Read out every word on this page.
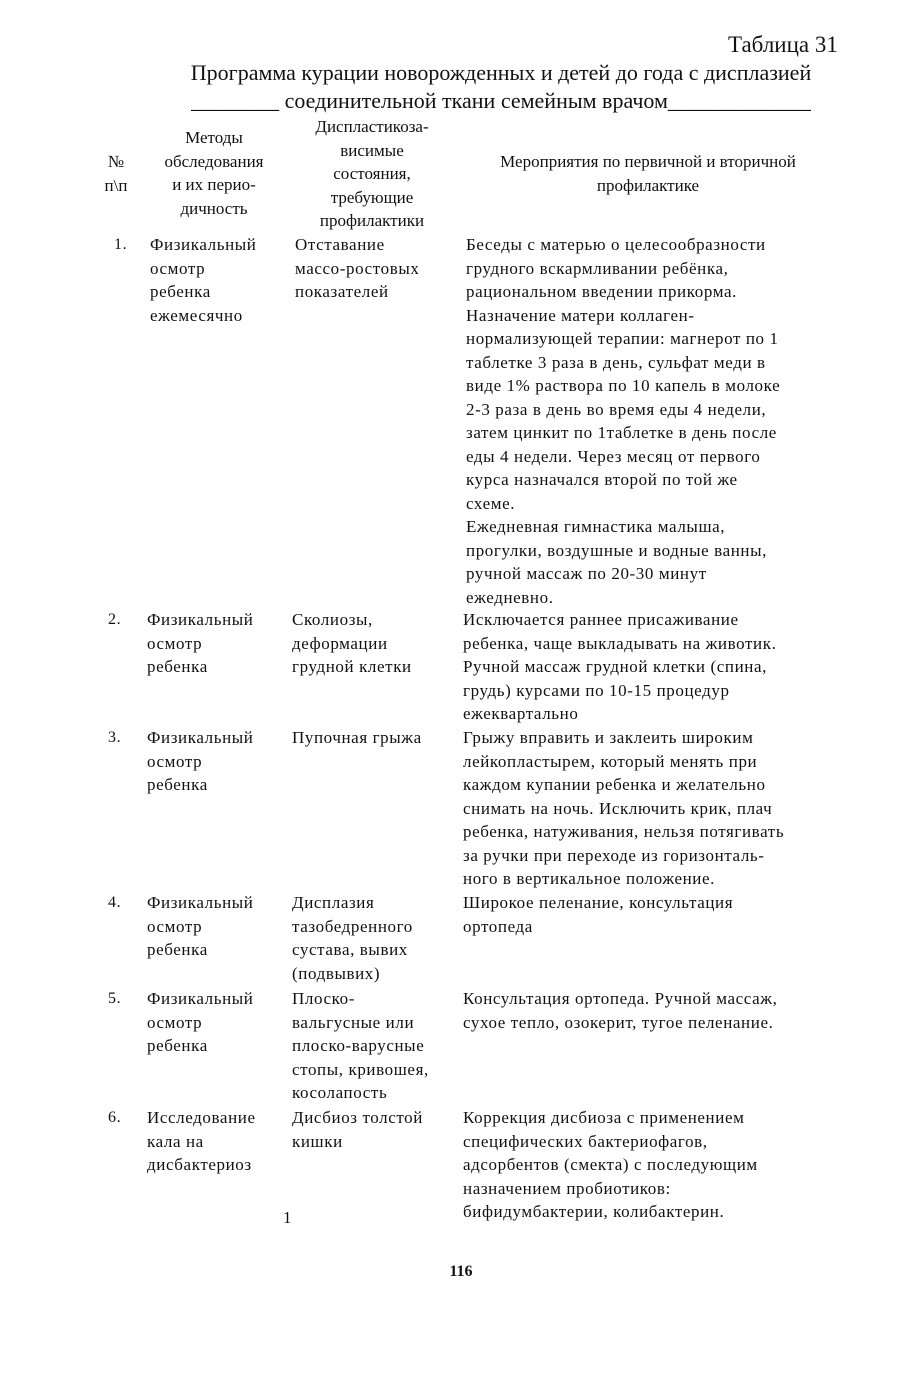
Таблица 31
Программа курации новорожденных и детей до года с дисплазией
________ соединительной ткани семейным врачом_____________
№
п\п
Методы
обследования
и их перио-
дичность
Диспластикоза-
висимые
состояния,
требующие
профилактики
Мероприятия по первичной и вторичной
профилактике
1. Физикальный
осмотр
ребенка
ежемесячно
Отставание
массо-ростовых
показателей
Беседы с матерью о целесообразности
грудного вскармливании ребёнка,
рациональном введении прикорма.
Назначение матери коллаген-
нормализующей терапии: магнерот по 1
таблетке 3 раза в день, сульфат меди в
виде 1% раствора по 10 капель в молоке
2-3 раза в день во время еды 4 недели,
затем цинкит по 1таблетке в день после
еды 4 недели. Через месяц от первого
курса назначался второй по той же
схеме.
Ежедневная гимнастика малыша,
прогулки, воздушные и водные ванны,
ручной массаж по 20-30 минут
ежедневно.
2. Физикальный
осмотр
ребенка
Сколиозы,
деформации
грудной клетки
Исключается раннее присаживание
ребенка, чаще выкладывать на животик.
Ручной массаж грудной клетки (спина,
грудь) курсами по 10-15 процедур
ежеквартально
3. Физикальный
осмотр
ребенка
Пупочная грыжа Грыжу вправить и заклеить широким
лейкопластырем, который менять при
каждом купании ребенка и желательно
снимать на ночь. Исключить крик, плач
ребенка, натуживания, нельзя потягивать
за ручки при переходе из горизонталь-
ного в вертикальное положение.
4. Физикальный
осмотр
ребенка
Дисплазия
тазобедренного
сустава, вывих
(подвывих)
Широкое пеленание, консультация
ортопеда
5. Физикальный
осмотр
ребенка
Плоско-
вальгусные или
плоско-варусные
стопы, кривошея,
косолапость
Консультация ортопеда. Ручной массаж,
сухое тепло, озокерит, тугое пеленание.
6. Исследование
кала на
дисбактериоз
Дисбиоз толстой
кишки
Коррекция дисбиоза с применением
специфических бактериофагов,
адсорбентов (смекта) с последующим
назначением пробиотиков:
бифидумбактерии, колибактерин.
1
116
